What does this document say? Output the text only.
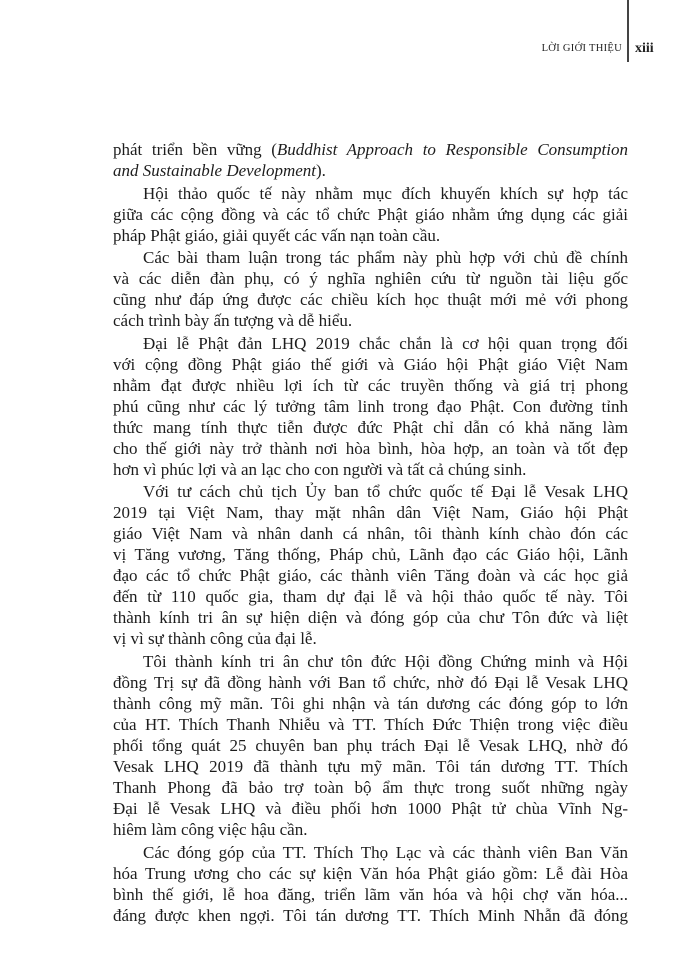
LỜI GIỚI THIỆU xiii

phát triển bền vững (Buddhist Approach to Responsible Consumption
and Sustainable Development).

Hội thảo quốc tế này nhằm mục đích khuyến khích sự hợp tác
giữa các cộng đồng và các tổ chức Phật giáo nhằm ứng dụng các giải
pháp Phật giáo, giải quyết các vấn nạn toàn cầu.

Các bài tham luận trong tác phẩm này phù hợp với chủ đề chính
và các diễn đàn phụ, có ý nghĩa nghiên cứu từ nguồn tài liệu gốc
cũng như đáp ứng được các chiều kích học thuật mới mẻ với phong
cách trình bày ấn tượng và dễ hiểu.

Đại lễ Phật đản LHQ 2019 chắc chắn là cơ hội quan trọng đối
với cộng đồng Phật giáo thế giới và Giáo hội Phật giáo Việt Nam
nhằm đạt được nhiều lợi ích từ các truyền thống và giá trị phong
phú cũng như các lý tưởng tâm linh trong đạo Phật. Con đường tỉnh
thức mang tính thực tiễn được đức Phật chỉ dẫn có khả năng làm
cho thế giới này trở thành nơi hòa bình, hòa hợp, an toàn và tốt đẹp
hơn vì phúc lợi và an lạc cho con người và tất cả chúng sinh.

Với tư cách chủ tịch Ủy ban tổ chức quốc tế Đại lễ Vesak LHQ
2019 tại Việt Nam, thay mặt nhân dân Việt Nam, Giáo hội Phật
giáo Việt Nam và nhân danh cá nhân, tôi thành kính chào đón các
vị Tăng vương, Tăng thống, Pháp chủ, Lãnh đạo các Giáo hội, Lãnh
đạo các tổ chức Phật giáo, các thành viên Tăng đoàn và các học giả
đến từ 110 quốc gia, tham dự đại lễ và hội thảo quốc tế này. Tôi
thành kính tri ân sự hiện diện và đóng góp của chư Tôn đức và liệt
vị vì sự thành công của đại lễ.

Tôi thành kính tri ân chư tôn đức Hội đồng Chứng minh và Hội
đồng Trị sự đã đồng hành với Ban tổ chức, nhờ đó Đại lễ Vesak LHQ
thành công mỹ mãn. Tôi ghi nhận và tán dương các đóng góp to lớn
của HT. Thích Thanh Nhiễu và TT. Thích Đức Thiện trong việc điều
phối tổng quát 25 chuyên ban phụ trách Đại lễ Vesak LHQ, nhờ đó
Vesak LHQ 2019 đã thành tựu mỹ mãn. Tôi tán dương TT. Thích
Thanh Phong đã bảo trợ toàn bộ ẩm thực trong suốt những ngày
Đại lễ Vesak LHQ và điều phối hơn 1000 Phật tử chùa Vĩnh Ng-
hiêm làm công việc hậu cần.

Các đóng góp của TT. Thích Thọ Lạc và các thành viên Ban Văn
hóa Trung ương cho các sự kiện Văn hóa Phật giáo gồm: Lễ đài Hòa
bình thế giới, lễ hoa đăng, triển lãm văn hóa và hội chợ văn hóa...
đáng được khen ngợi. Tôi tán dương TT. Thích Minh Nhẫn đã đóng
